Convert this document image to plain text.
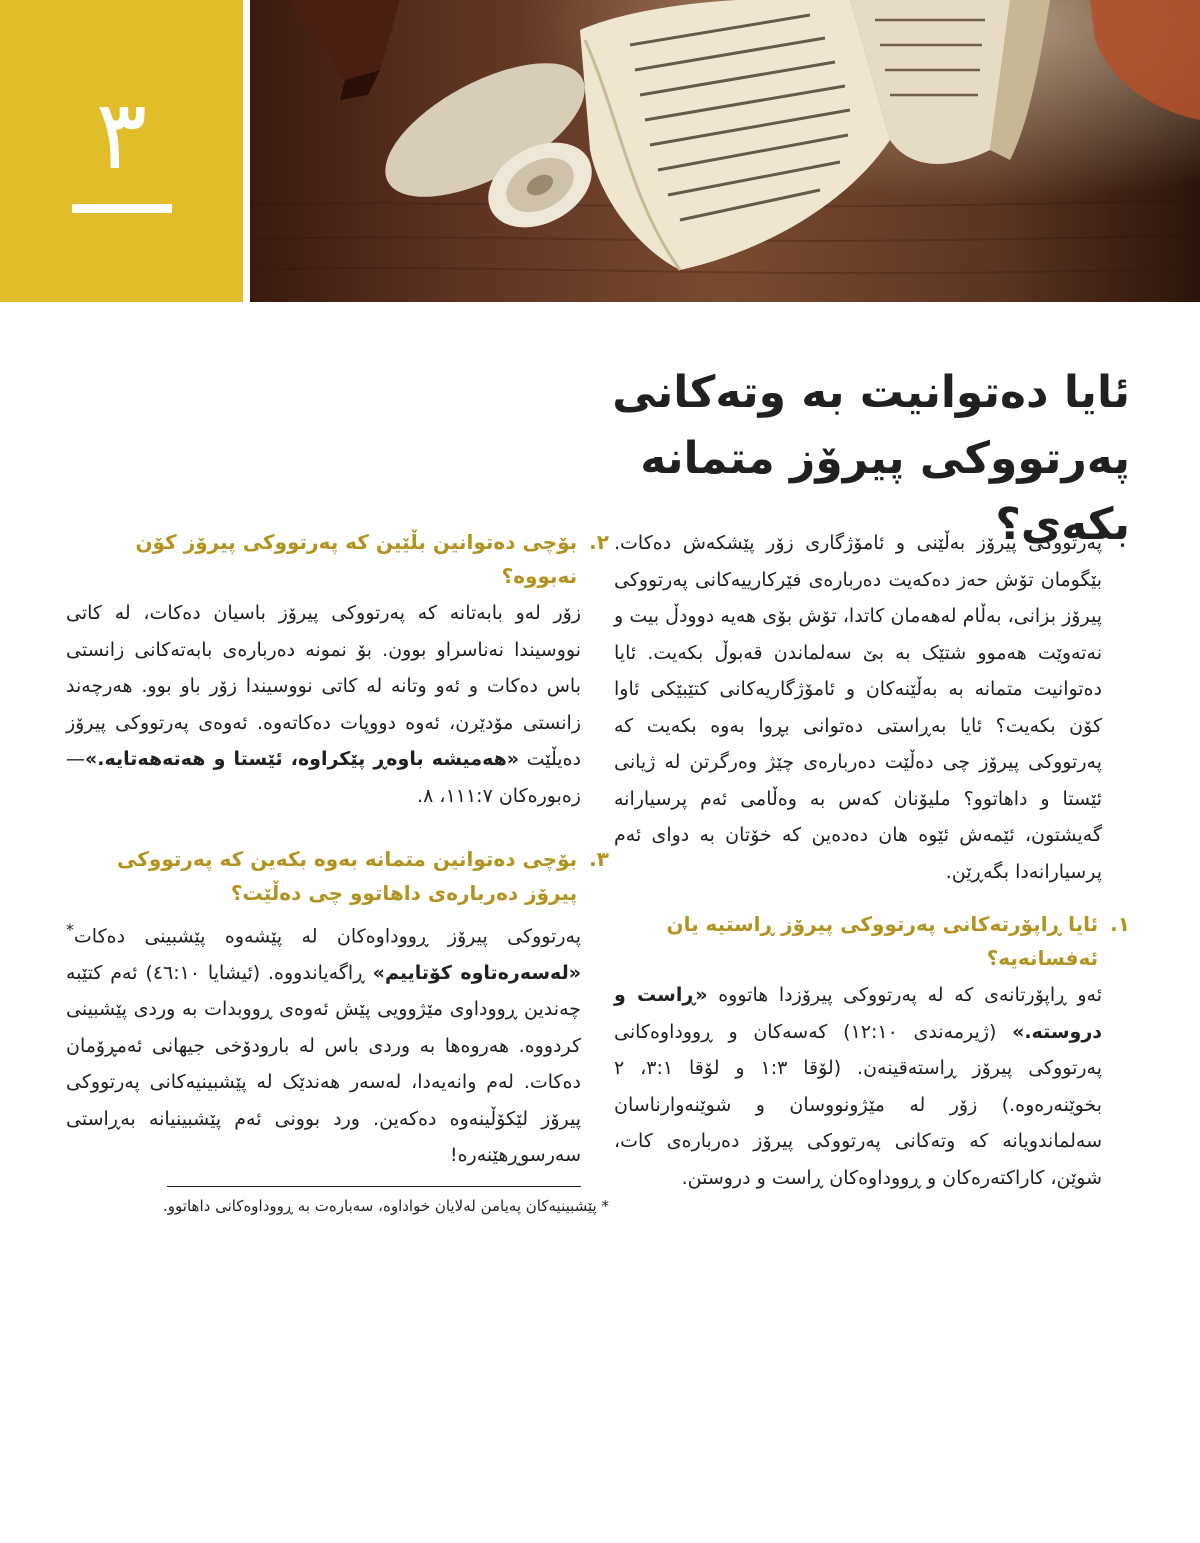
٣
ئایا دەتوانیت بە وتەکانی
پەرتووکی پیرۆز متمانە بکەی؟

پەرتووکی پیرۆز بەڵێنی و ئامۆژگاری زۆر پێشکەش دەکات. بێگومان تۆش حەز دەکەیت دەربارەی فێرکارییەکانی پەرتووکی پیرۆز بزانی، بەڵام لەهەمان کاتدا، تۆش بۆی هەیە دوودڵ بیت و نەتەوێت هەموو شتێک بە بێ سەلماندن قەبوڵ بکەیت. ئایا دەتوانیت متمانە بە بەڵێنەکان و ئامۆژگاریەکانی کتێبێکی ئاوا کۆن بکەیت؟ ئایا بەڕاستی دەتوانی بڕوا بەوە بکەیت کە پەرتووکی پیرۆز چی دەڵێت دەربارەی چێژ وەرگرتن لە ژیانی ئێستا و داهاتوو؟ ملیۆنان کەس بە وەڵامی ئەم پرسیارانە گەیشتون، ئێمەش ئێوە هان دەدەین کە خۆتان بە دوای ئەم پرسیارانەدا بگەڕێن.

١.
ئایا ڕاپۆرتەکانی پەرتووکی پیرۆز ڕاستیە یان ئەفسانەیە؟

ئەو ڕاپۆرتانەی کە لە پەرتووکی پیرۆزدا هاتووە «ڕاست و دروستە.» (ژیرمەندی ١٢:١٠) کەسەکان و ڕووداوەکانی پەرتووکی پیرۆز ڕاستەقینەن. (لۆقا ١:٣ و لۆقا ٣:١، ٢ بخوێنەرەوە.) زۆر لە مێژونووسان و شوێنەوارناسان سەلماندویانە کە وتەکانی پەرتووکی پیرۆز دەربارەی کات، شوێن، کاراکتەرەکان و ڕووداوەکان ڕاست و دروستن.

٢.
بۆچی دەتوانین بڵێین کە پەرتووکی پیرۆز کۆن نەبووە؟

زۆر لەو بابەتانە کە پەرتووکی پیرۆز باسیان دەکات، لە کاتی نووسیندا نەناسراو بوون. بۆ نمونە دەربارەی بابەتەکانی زانستی باس دەکات و ئەو وتانە لە کاتی نووسیندا زۆر باو بوو. هەرچەند زانستی مۆدێرن، ئەوە دووپات دەکاتەوە. ئەوەی پەرتووکی پیرۆز دەیڵێت «هەمیشە باوەڕ پێکراوە، ئێستا و هەتەهەتایە.»—زەبورەکان ١١١:٧، ٨.

٣.
بۆچی دەتوانین متمانە بەوە بکەین کە پەرتووکی پیرۆز دەربارەی داهاتوو چی دەڵێت؟

پەرتووکی پیرۆز ڕووداوەکان لە پێشەوە پێشبینی دەکات* «لەسەرەتاوە کۆتاییم» ڕاگەیاندووە. (ئیشایا ٤٦:١٠) ئەم کتێبە چەندین ڕووداوی مێژوویی پێش ئەوەی ڕووبدات بە وردی پێشبینی کردووە. هەروەها بە وردی باس لە بارودۆخی جیهانی ئەمڕۆمان دەکات. لەم وانەیەدا، لەسەر هەندێک لە پێشبینیەکانی پەرتووکی پیرۆز لێکۆڵینەوە دەکەین. ورد بوونی ئەم پێشبینیانە بەڕاستی سەرسوڕهێنەرە!

* پێشبینیەکان پەیامن لەلایان خواداوە، سەبارەت بە ڕووداوەکانی داهاتوو.
